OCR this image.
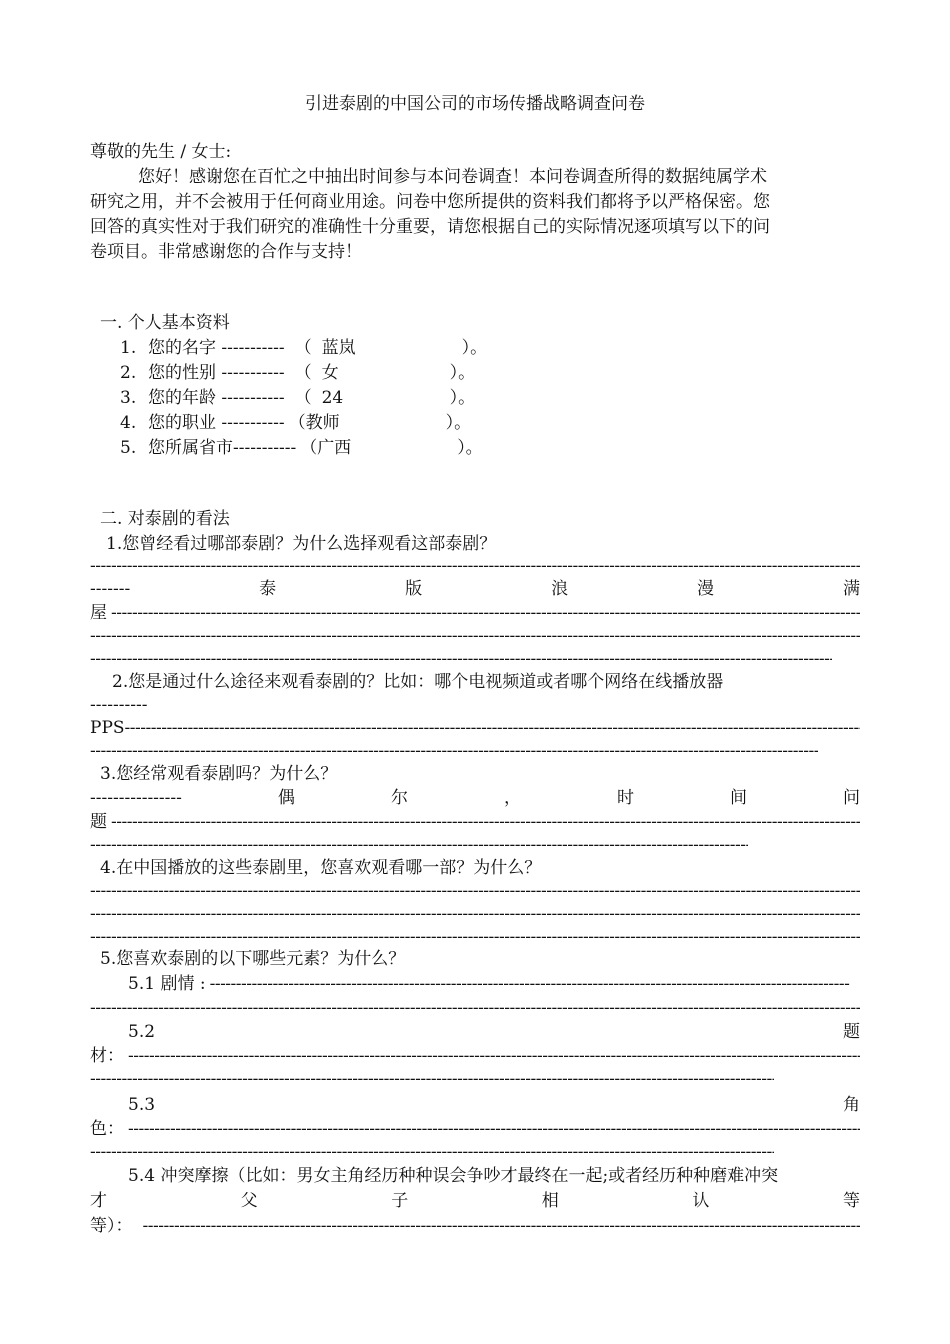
引进泰剧的中国公司的市场传播战略调查问卷
尊敬的先生 / 女士:
您好！感谢您在百忙之中抽出时间参与本问卷调查！本问卷调查所得的数据纯属学术
研究之用，并不会被用于任何商业用途。问卷中您所提供的资料我们都将予以严格保密。您
回答的真实性对于我们研究的准确性十分重要，请您根据自己的实际情况逐项填写以下的问
卷项目。非常感谢您的合作与支持！
一. 个人基本资料
1. 您的名字 ----------- （ 蓝岚	）。
2. 您的性别 ----------- （ 女	）。
3. 您的年龄 ----------- （ 24	）。
4. 您的职业 ----------- （ 教师	）。
5. 您所属省市----------- （ 广西	）。
二. 对泰剧的看法
1.您曾经看过哪部泰剧？为什么选择观看这部泰剧？
-----
-------	泰	版	浪	漫	满
屋
-----
-----
-----
2.您是通过什么途径来观看泰剧的？比如：哪个电视频道或者哪个网络在线播放器
----------
PPS
-----
-----
3.您经常观看泰剧吗？为什么？
----------------	偶	尔	，	时	间	问
题
-----
-----
4.在中国播放的这些泰剧里，您喜欢观看哪一部？为什么？
-----
-----
-----
5.您喜欢泰剧的以下哪些元素？为什么？
5.1 剧情 :
-----
-----
5.2	题
材：
-----
-----
5.3	角
色：
-----
-----
5.4 冲突摩擦（比如：男女主角经历种种误会争吵才最终在一起;或者经历种种磨难冲突
才	父	子	相	认	等
等）：
-----
